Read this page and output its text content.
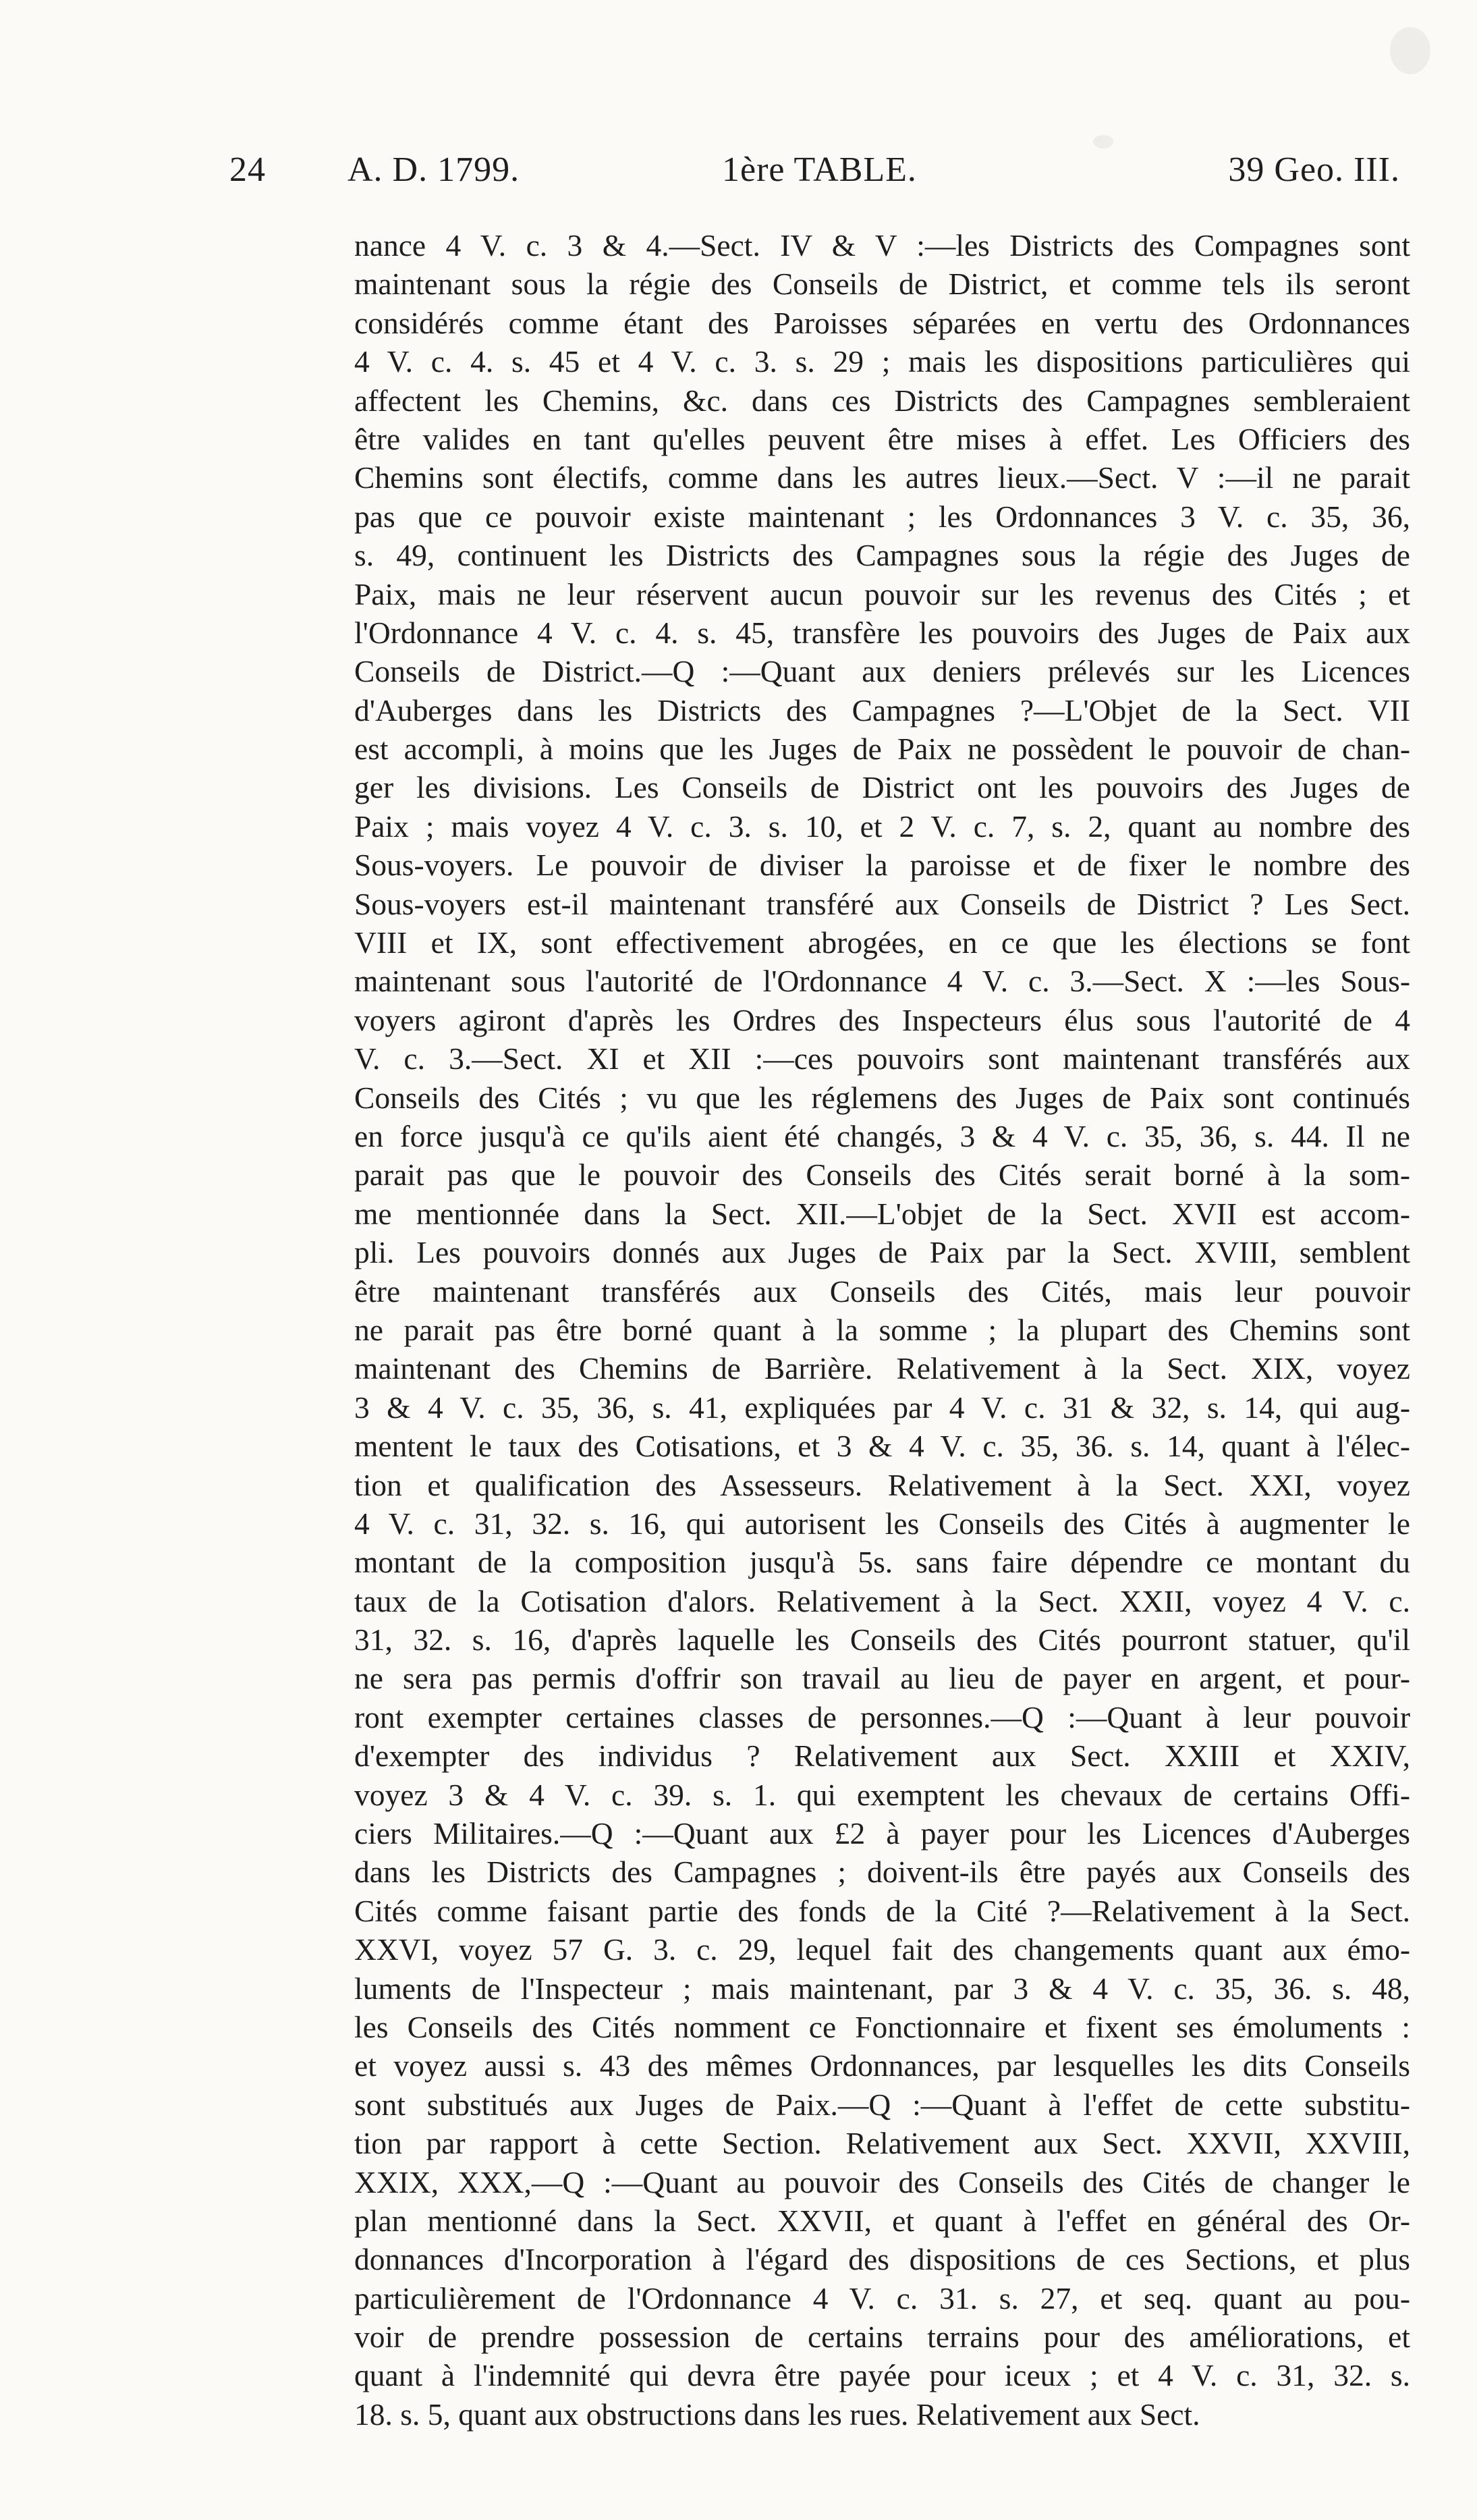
24 A. D. 1799.	1ère TABLE.	39 Geo. III.
nance 4 V. c. 3 & 4.—Sect. IV & V :—les Districts des Compagnes sont
maintenant sous la régie des Conseils de District, et comme tels ils seront
considérés comme étant des Paroisses séparées en vertu des Ordonnances
4 V. c. 4. s. 45 et 4 V. c. 3. s. 29 ; mais les dispositions particulières qui
affectent les Chemins, &c. dans ces Districts des Campagnes sembleraient
être valides en tant qu'elles peuvent être mises à effet. Les Officiers des
Chemins sont électifs, comme dans les autres lieux.—Sect. V :—il ne parait
pas que ce pouvoir existe maintenant ; les Ordonnances 3 V. c. 35, 36,
s. 49, continuent les Districts des Campagnes sous la régie des Juges de
Paix, mais ne leur réservent aucun pouvoir sur les revenus des Cités ; et
l'Ordonnance 4 V. c. 4. s. 45, transfère les pouvoirs des Juges de Paix aux
Conseils de District.—Q :—Quant aux deniers prélevés sur les Licences
d'Auberges dans les Districts des Campagnes ?—L'Objet de la Sect. VII
est accompli, à moins que les Juges de Paix ne possèdent le pouvoir de chan-
ger les divisions. Les Conseils de District ont les pouvoirs des Juges de
Paix ; mais voyez 4 V. c. 3. s. 10, et 2 V. c. 7, s. 2, quant au nombre des
Sous-voyers. Le pouvoir de diviser la paroisse et de fixer le nombre des
Sous-voyers est-il maintenant transféré aux Conseils de District ? Les Sect.
VIII et IX, sont effectivement abrogées, en ce que les élections se font
maintenant sous l'autorité de l'Ordonnance 4 V. c. 3.—Sect. X :—les Sous-
voyers agiront d'après les Ordres des Inspecteurs élus sous l'autorité de 4
V. c. 3.—Sect. XI et XII :—ces pouvoirs sont maintenant transférés aux
Conseils des Cités ; vu que les réglemens des Juges de Paix sont continués
en force jusqu'à ce qu'ils aient été changés, 3 & 4 V. c. 35, 36, s. 44. Il ne
parait pas que le pouvoir des Conseils des Cités serait borné à la som-
me mentionnée dans la Sect. XII.—L'objet de la Sect. XVII est accom-
pli. Les pouvoirs donnés aux Juges de Paix par la Sect. XVIII, semblent
être maintenant transférés aux Conseils des Cités, mais leur pouvoir
ne parait pas être borné quant à la somme ; la plupart des Chemins sont
maintenant des Chemins de Barrière. Relativement à la Sect. XIX, voyez
3 & 4 V. c. 35, 36, s. 41, expliquées par 4 V. c. 31 & 32, s. 14, qui aug-
mentent le taux des Cotisations, et 3 & 4 V. c. 35, 36. s. 14, quant à l'élec-
tion et qualification des Assesseurs. Relativement à la Sect. XXI, voyez
4 V. c. 31, 32. s. 16, qui autorisent les Conseils des Cités à augmenter le
montant de la composition jusqu'à 5s. sans faire dépendre ce montant du
taux de la Cotisation d'alors. Relativement à la Sect. XXII, voyez 4 V. c.
31, 32. s. 16, d'après laquelle les Conseils des Cités pourront statuer, qu'il
ne sera pas permis d'offrir son travail au lieu de payer en argent, et pour-
ront exempter certaines classes de personnes.—Q :—Quant à leur pouvoir
d'exempter des individus ? Relativement aux Sect. XXIII et XXIV,
voyez 3 & 4 V. c. 39. s. 1. qui exemptent les chevaux de certains Offi-
ciers Militaires.—Q :—Quant aux £2 à payer pour les Licences d'Auberges
dans les Districts des Campagnes ; doivent-ils être payés aux Conseils des
Cités comme faisant partie des fonds de la Cité ?—Relativement à la Sect.
XXVI, voyez 57 G. 3. c. 29, lequel fait des changements quant aux émo-
luments de l'Inspecteur ; mais maintenant, par 3 & 4 V. c. 35, 36. s. 48,
les Conseils des Cités nomment ce Fonctionnaire et fixent ses émoluments :
et voyez aussi s. 43 des mêmes Ordonnances, par lesquelles les dits Conseils
sont substitués aux Juges de Paix.—Q :—Quant à l'effet de cette substitu-
tion par rapport à cette Section. Relativement aux Sect. XXVII, XXVIII,
XXIX, XXX,—Q :—Quant au pouvoir des Conseils des Cités de changer le
plan mentionné dans la Sect. XXVII, et quant à l'effet en général des Or-
donnances d'Incorporation à l'égard des dispositions de ces Sections, et plus
particulièrement de l'Ordonnance 4 V. c. 31. s. 27, et seq. quant au pou-
voir de prendre possession de certains terrains pour des améliorations, et
quant à l'indemnité qui devra être payée pour iceux ; et 4 V. c. 31, 32. s.
18. s. 5, quant aux obstructions dans les rues. Relativement aux Sect.
